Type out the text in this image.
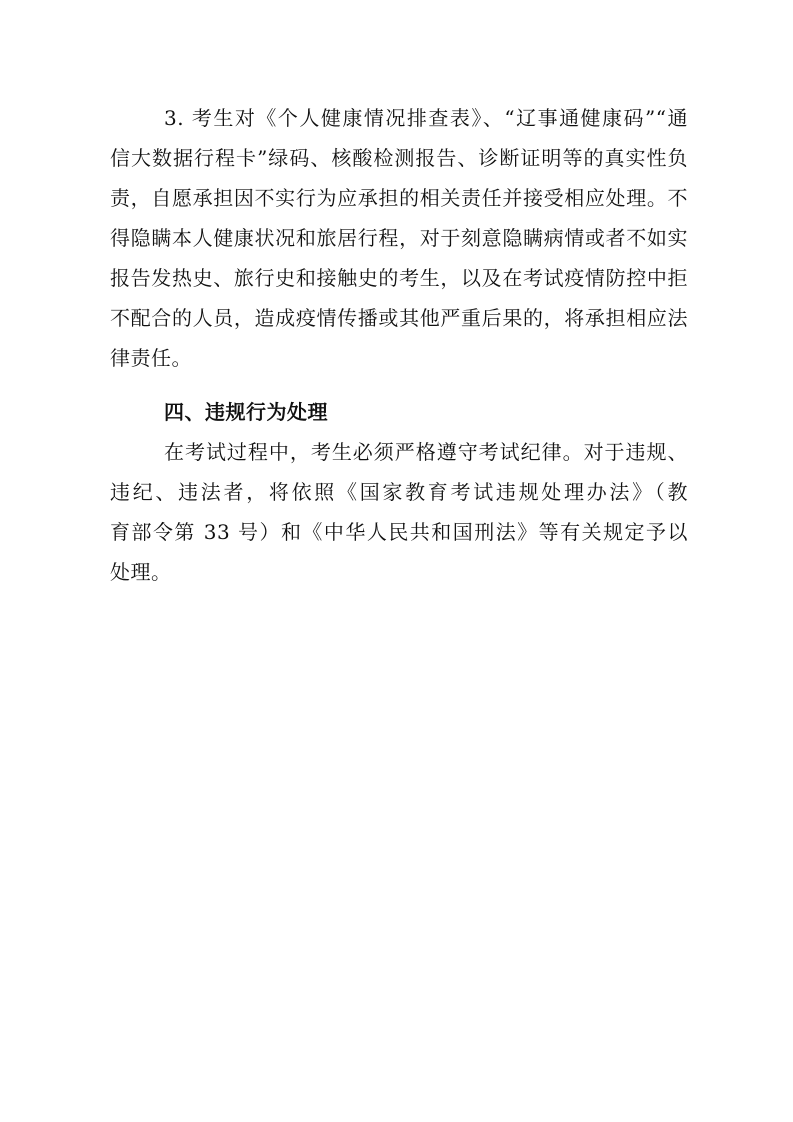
3. 考生对《个人健康情况排查表》、“辽事通健康码”“通
信大数据行程卡”绿码、核酸检测报告、诊断证明等的真实性负
责，自愿承担因不实行为应承担的相关责任并接受相应处理。不
得隐瞒本人健康状况和旅居行程，对于刻意隐瞒病情或者不如实
报告发热史、旅行史和接触史的考生，以及在考试疫情防控中拒
不配合的人员，造成疫情传播或其他严重后果的，将承担相应法
律责任。
四、违规行为处理
在考试过程中，考生必须严格遵守考试纪律。对于违规、
违纪、违法者，将依照《国家教育考试违规处理办法》（教
育部令第 33 号）和《中华人民共和国刑法》等有关规定予以
处理。
